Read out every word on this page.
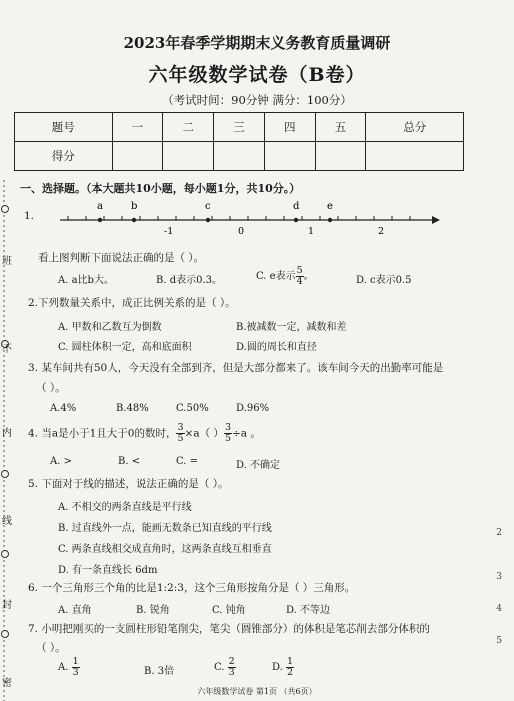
班
不
内
线
封
密
2023年春季学期期末义务教育质量调研
六年级数学试卷（B卷）
（考试时间：90分钟 满分：100分）
题号	一	二	三	四	五	总分
得分						
一、选择题。（本大题共10小题，每小题1分，共10分。）
1.
a	b	c	d	e
-1	0	1	2
看上图判断下面说法正确的是（ ）。
A. a比b大。	B. d表示0.3。	C. e表示 $\frac{5}{4}$ 。	D. c表示0.5
2.下列数量关系中，成正比例关系的是（ ）。
A. 甲数和乙数互为倒数	B.被减数一定，减数和差
C. 圆柱体积一定，高和底面积	D.圆的周长和直径
3. 某车间共有50人，今天没有全部到齐，但是大部分都来了。该车间今天的出勤率可能是
（ ）。
A.4%	B.48%	C.50%	D.96%
4. 当a是小于1且大于0的数时， $\frac{3}{5} \times a$（ ） $\frac{3}{5} \div a$ 。
A. >	B. <	C. =	D. 不确定
5. 下面对于线的描述，说法正确的是（ ）。
A. 不相交的两条直线是平行线
B. 过直线外一点，能画无数条已知直线的平行线
C. 两条直线相交成直角时，这两条直线互相垂直
D. 有一条直线长 6dm
6. 一个三角形三个角的比是1:2:3，这个三角形按角分是（ ）三角形。
A. 直角	B. 锐角	C. 钝角	D. 不等边
7. 小明把刚买的一支圆柱形铅笔削尖，笔尖（圆锥部分）的体积是笔芯削去部分体积的
（ ）。
A. $\frac{1}{3}$	B. 3倍	C. $\frac{2}{3}$	D. $\frac{1}{2}$
2
3
4
5
六年级数学试卷 第1页 （共6页）
